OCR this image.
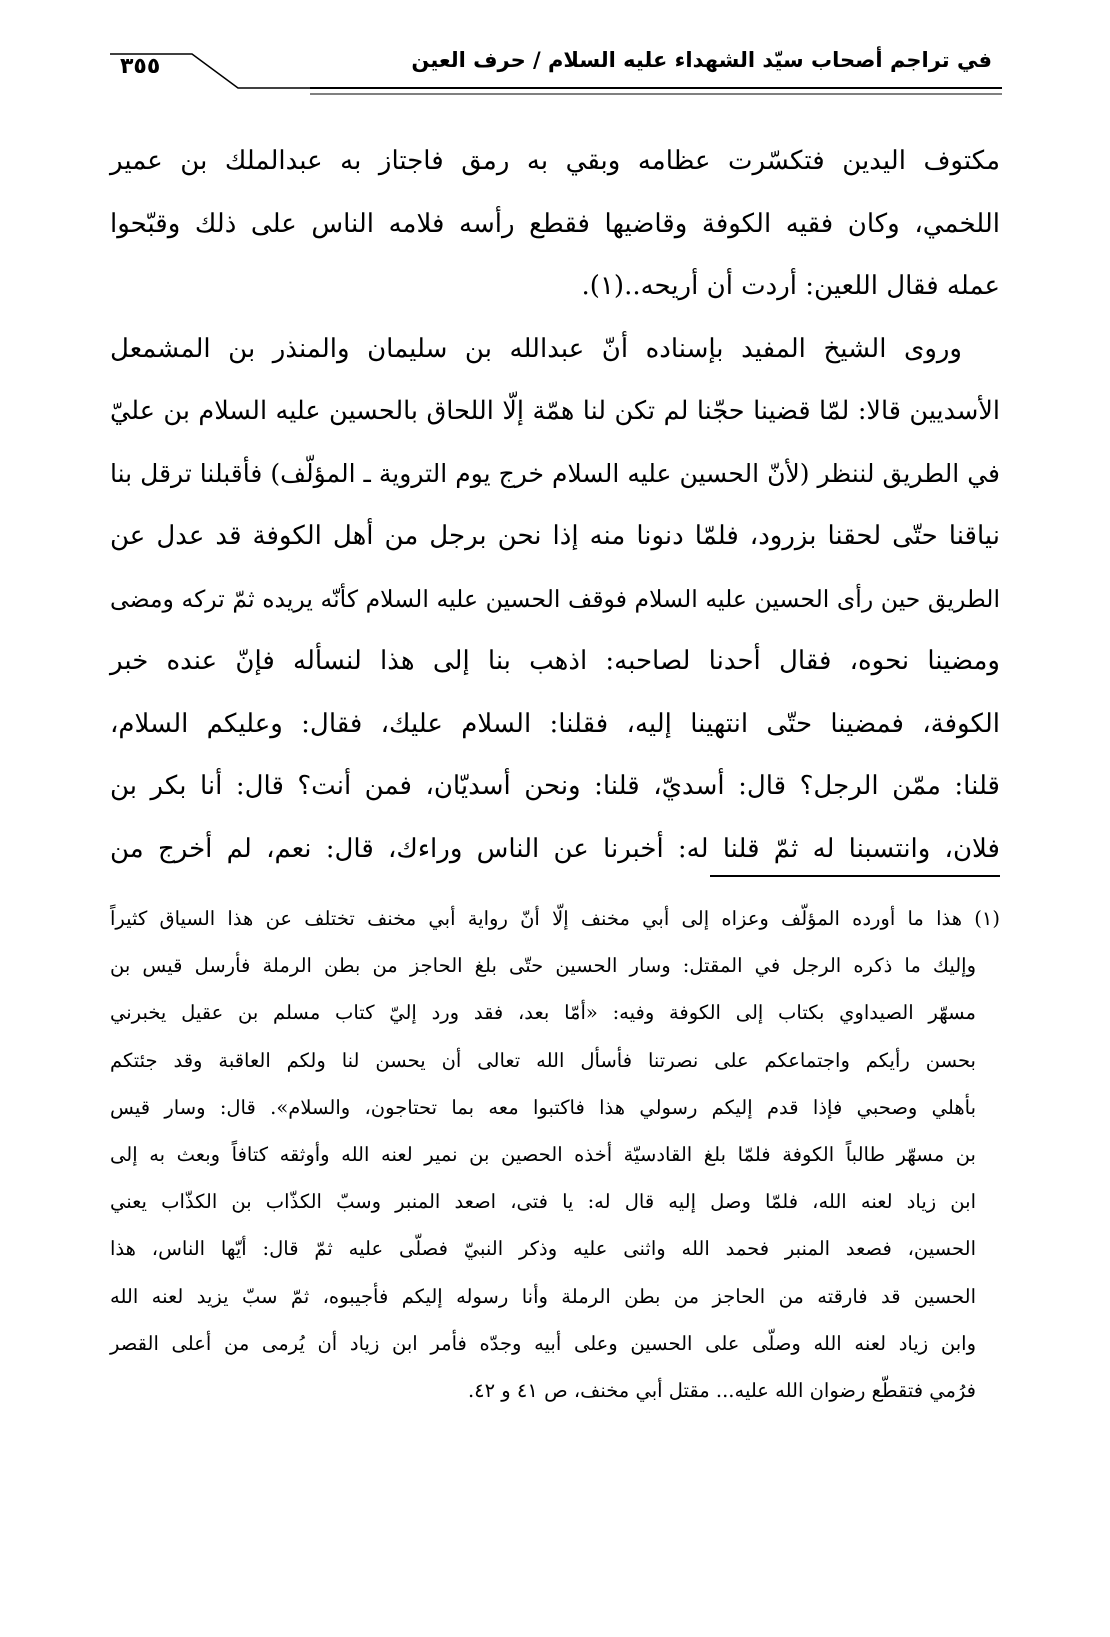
في تراجم أصحاب سيّد الشهداء عليه السلام / حرف العين
٣٥٥
مكتوف اليدين فتكسّرت عظامه وبقي به رمق فاجتاز به عبدالملك بن عمير
اللخمي، وكان فقيه الكوفة وقاضيها فقطع رأسه فلامه الناس على ذلك وقبّحوا
عمله فقال اللعين: أردت أن أريحه..(١).
وروى الشيخ المفيد بإسناده أنّ عبدالله بن سليمان والمنذر بن المشمعل
الأسديين قالا: لمّا قضينا حجّنا لم تكن لنا همّة إلّا اللحاق بالحسين عليه السلام بن عليّ
في الطريق لننظر (لأنّ الحسين عليه السلام خرج يوم التروية ـ المؤلّف) فأقبلنا ترقل بنا
نياقنا حتّى لحقنا بزرود، فلمّا دنونا منه إذا نحن برجل من أهل الكوفة قد عدل عن
الطريق حين رأى الحسين عليه السلام فوقف الحسين عليه السلام كأنّه يريده ثمّ تركه ومضى
ومضينا نحوه، فقال أحدنا لصاحبه: اذهب بنا إلى هذا لنسأله فإنّ عنده خبر
الكوفة، فمضينا حتّى انتهينا إليه، فقلنا: السلام عليك، فقال: وعليكم السلام،
قلنا: ممّن الرجل؟ قال: أسديّ، قلنا: ونحن أسديّان، فمن أنت؟ قال: أنا بكر بن
فلان، وانتسبنا له ثمّ قلنا له: أخبرنا عن الناس وراءك، قال: نعم، لم أخرج من
(١) هذا ما أورده المؤلّف وعزاه إلى أبي مخنف إلّا أنّ رواية أبي مخنف تختلف عن هذا السياق كثيراً
وإليك ما ذكره الرجل في المقتل: وسار الحسين حتّى بلغ الحاجز من بطن الرملة فأرسل قيس بن
مسهّر الصيداوي بكتاب إلى الكوفة وفيه: «أمّا بعد، فقد ورد إليّ كتاب مسلم بن عقيل يخبرني
بحسن رأيكم واجتماعكم على نصرتنا فأسأل الله تعالى أن يحسن لنا ولكم العاقبة وقد جئتكم
بأهلي وصحبي فإذا قدم إليكم رسولي هذا فاكتبوا معه بما تحتاجون، والسلام». قال: وسار قيس
بن مسهّر طالباً الكوفة فلمّا بلغ القادسيّة أخذه الحصين بن نمير لعنه الله وأوثقه كتافاً وبعث به إلى
ابن زياد لعنه الله، فلمّا وصل إليه قال له: يا فتى، اصعد المنبر وسبّ الكذّاب بن الكذّاب يعني
الحسين، فصعد المنبر فحمد الله واثنى عليه وذكر النبيّ فصلّى عليه ثمّ قال: أيّها الناس، هذا
الحسين قد فارقته من الحاجز من بطن الرملة وأنا رسوله إليكم فأجيبوه، ثمّ سبّ يزيد لعنه الله
وابن زياد لعنه الله وصلّى على الحسين وعلى أبيه وجدّه فأمر ابن زياد أن يُرمى من أعلى القصر
فرُمي فتقطّع رضوان الله عليه... مقتل أبي مخنف، ص ٤١ و ٤٢.
